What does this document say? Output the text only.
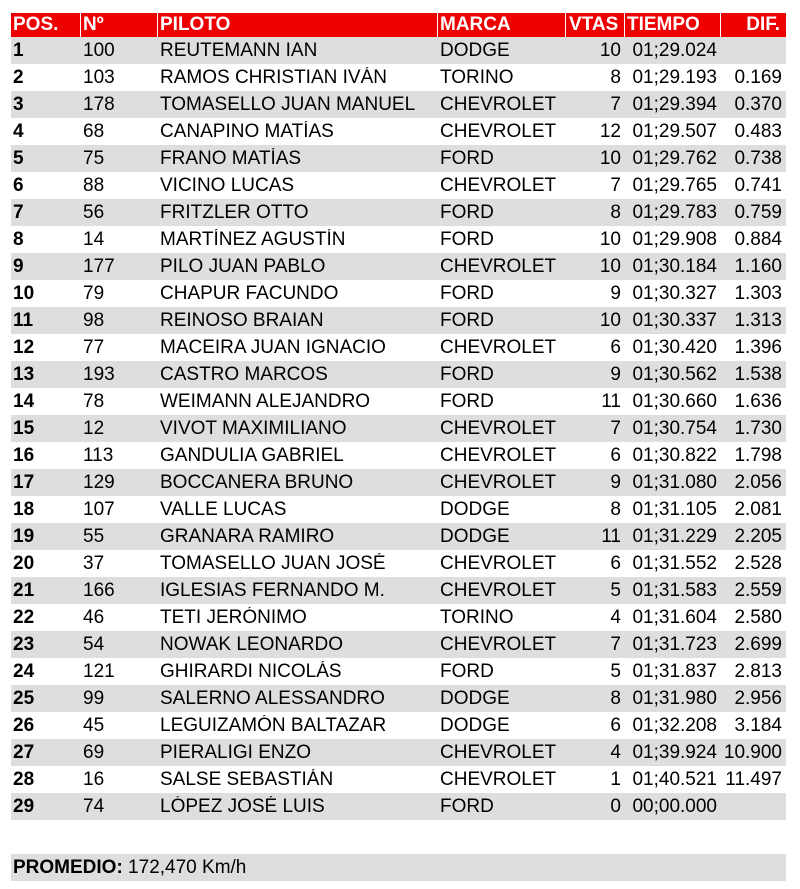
POS.	Nº	PILOTO	MARCA	VTAS TIEMPO	DIF.
1	100	REUTEMANN IAN	DODGE	10 01;29.024
2	103	RAMOS CHRISTIAN IVÁN	TORINO	8 01;29.193 0.169
3	178	TOMASELLO JUAN MANUEL	CHEVROLET	7 01;29.394 0.370
4	68	CANAPINO MATÍAS	CHEVROLET	12 01;29.507 0.483
5	75	FRANO MATÍAS	FORD	10 01;29.762 0.738
6	88	VICINO LUCAS	CHEVROLET	7 01;29.765 0.741
7	56	FRITZLER OTTO	FORD	8 01;29.783 0.759
8	14	MARTÍNEZ AGUSTÍN	FORD	10 01;29.908 0.884
9	177	PILO JUAN PABLO	CHEVROLET	10 01;30.184 1.160
10	79	CHAPUR FACUNDO	FORD	9 01;30.327 1.303
11	98	REINOSO BRAIAN	FORD	10 01;30.337 1.313
12	77	MACEIRA JUAN IGNACIO	CHEVROLET	6 01;30.420 1.396
13	193	CASTRO MARCOS	FORD	9 01;30.562 1.538
14	78	WEIMANN ALEJANDRO	FORD	11 01;30.660 1.636
15	12	VIVOT MAXIMILIANO	CHEVROLET	7 01;30.754 1.730
16	113	GANDULIA GABRIEL	CHEVROLET	6 01;30.822 1.798
17	129	BOCCANERA BRUNO	CHEVROLET	9 01;31.080 2.056
18	107	VALLE LUCAS	DODGE	8 01;31.105 2.081
19	55	GRANARA RAMIRO	DODGE	11 01;31.229 2.205
20	37	TOMASELLO JUAN JOSÉ	CHEVROLET	6 01;31.552 2.528
21	166	IGLESIAS FERNANDO M.	CHEVROLET	5 01;31.583 2.559
22	46	TETI JERÓNIMO	TORINO	4 01;31.604 2.580
23	54	NOWAK LEONARDO	CHEVROLET	7 01;31.723 2.699
24	121	GHIRARDI NICOLÁS	FORD	5 01;31.837 2.813
25	99	SALERNO ALESSANDRO	DODGE	8 01;31.980 2.956
26	45	LEGUIZAMÓN BALTAZAR	DODGE	6 01;32.208 3.184
27	69	PIERALIGI ENZO	CHEVROLET	4 01;39.924 10.900
28	16	SALSE SEBASTIÁN	CHEVROLET	1 01;40.521 11.497
29	74	LÓPEZ JOSÉ LUIS	FORD	0 00;00.000
PROMEDIO: 172,470 Km/h
